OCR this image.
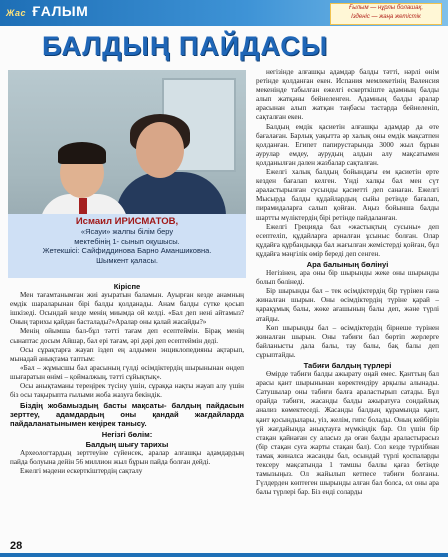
Жас ҒАЛЫМ	Ғылым — нұрлы болашақ,
Ізденіс — жаңа жетістік
БАЛДЫҢ ПАЙДАСЫ
Исмаил ИРИСМАТОВ,
«Ясауи» жалпы білім беру
мектебінің 1- сынып оқушысы.
Жетекшісі: Сайфиддинова Барно Аманшиковна.
Шымкент қаласы.
Кіріспе

Мен тағамтанымған жиі ауыратын баламын. Ауырған кезде анамның емдік шараларынан бірі балды қолданады. Анам балды сүтке қосып ішкізеді. Осындай кезде менің миымда ой келді. «Бал деп нені айтамыз? Оның тарихы қайдан басталады?»Аралар оны қалай жасайды?»

Менің ойымша бал-бұл тәтті тағам деп есептеймін. Бірақ менің сынаптас досым Айшар, бал ерi тағам, әрі дәрі деп есептеймін деді.

Осы сұрақтарға жауап іздеп ең алдымен энциклопедияны ақтарып, мынадай анықтама таптым:

«Бал – жұмысшы бал арасының гүлді өсімдіктердің шырынынан өндеп шығаратын өнімі – қоймалжың, тәтті сұйықтық».

Осы анықтаманы терeңірек түсіну үшін, сұраққа нақты жауап алу үшін біз осы тақырыпта ғылыми жоба жазуға бекіндік.

Біздің жобамыздың басты мақсаты- балдың пайдасын зерттеу, адамдардың оны қандай жағдайларда пайдаланатынымен кеңірек танысу.
Негізгі бөлім:
Балдың шығу тарихы

Археологтардың зерттеуіне сүйенсек, аралар алғашқы адамдардың пайда болуына дейін 56 миллион жыл бұрын пайда болған дейді.

Ежелгі мәдени ескерткіштердің сақталу

негізінде алғашқы адамдар балды тәтті, нәрлі өнім ретінде қолданған екен. Испания мемлекетінің Валенсия мекенінде табылған ежелгі ескерткіште адамның балды алып жатқаны бейнеленген. Адамның балды аралар арасынан алып жатқан таңбасы тастарда бейнеленіп, сақталған екен.

Балдың емдік қасиетін алғашқы адамдар да өте бағалаған. Барлық уақытта әр халық оны емдік мақсатпен қолданған. Египет папирустарында 3000 жыл бұрын аурулар емдеу, аурудың алдын алу мақсатымен қолданылған дәлен жазбалар сақталған.

Ежелгі халық балдың бойындағы ем қасиетін ерте кезден бағалап келген. Үнді халқы бал мен сүт араластырылған сусынды қасиетті деп санаған. Ежелгі Мысырда балды құдайлардың сыйы ретінде бағалап, пирамидаларға салып қойған. Аңыз бойынша балды шартты мүліктердің бірі ретінде пайдаланған.

Ежелгі Грецияда бал «жастықтың сусыны» деп есептеліп, құдайларға арналған ұсыныс болған. Олар құдайға құрбандыққа бал жағылған жемістерді қойған, бұл құдайға мәңгілік өмір береді деп сенген.

Ара балының бөлінуі

Негізінен, ара оны бір шырынды жеке оны шырынды болып бөлінеді.

Бір шырынды бал – тек өсімдіктердің бір түрінен ғана жиналған шырын. Оны өсімдіктердің түріне қарай – қарақұмық балы, жөке ағашының балы деп, және түрлі атайды.

Көп шырынды бал – өсімдіктердің бірнеше түрінен жиналған шырын. Оны табиғи бал бөртiп жерлерге байланысты дала балы, тау балы, бақ балы деп сұрыптайды.

Табиғи балдың түрлері

Өмірде табиғи балды ажырату оңай емес. Қанттың бал арасы қант шырынынан көректендіру арқылы алынады. Сатушылар оны табиғи балға араластырып сатады. Бұл орайда табиғи, жасанды балды ажыратуға сондайлық анализ көмектеседі. Жасанды балдың құрамында қант, қант қосындылары, уіз, желім, гипс болады. Оның кейбірін үй жағдайында анықтауға мүмкіндік бар. Ол үшін бір стақан қайнаған су аласыз да оған балды араластырасыз (бір стақан суға жарты стақан бал). Сол кезде түрлібнан тамақ жиналса жасанды бал, осындай түрлі қоспаларды тексеру мақсатында 1 тамшы баллы қағаз бетінде тамызыңыз. Ол жайылып кетпесе табиғи болғаны. Гүлдерден көптеген шырынды алған бал болса, ол оны ара балы түрлері бар. Біз енді соларды

28
